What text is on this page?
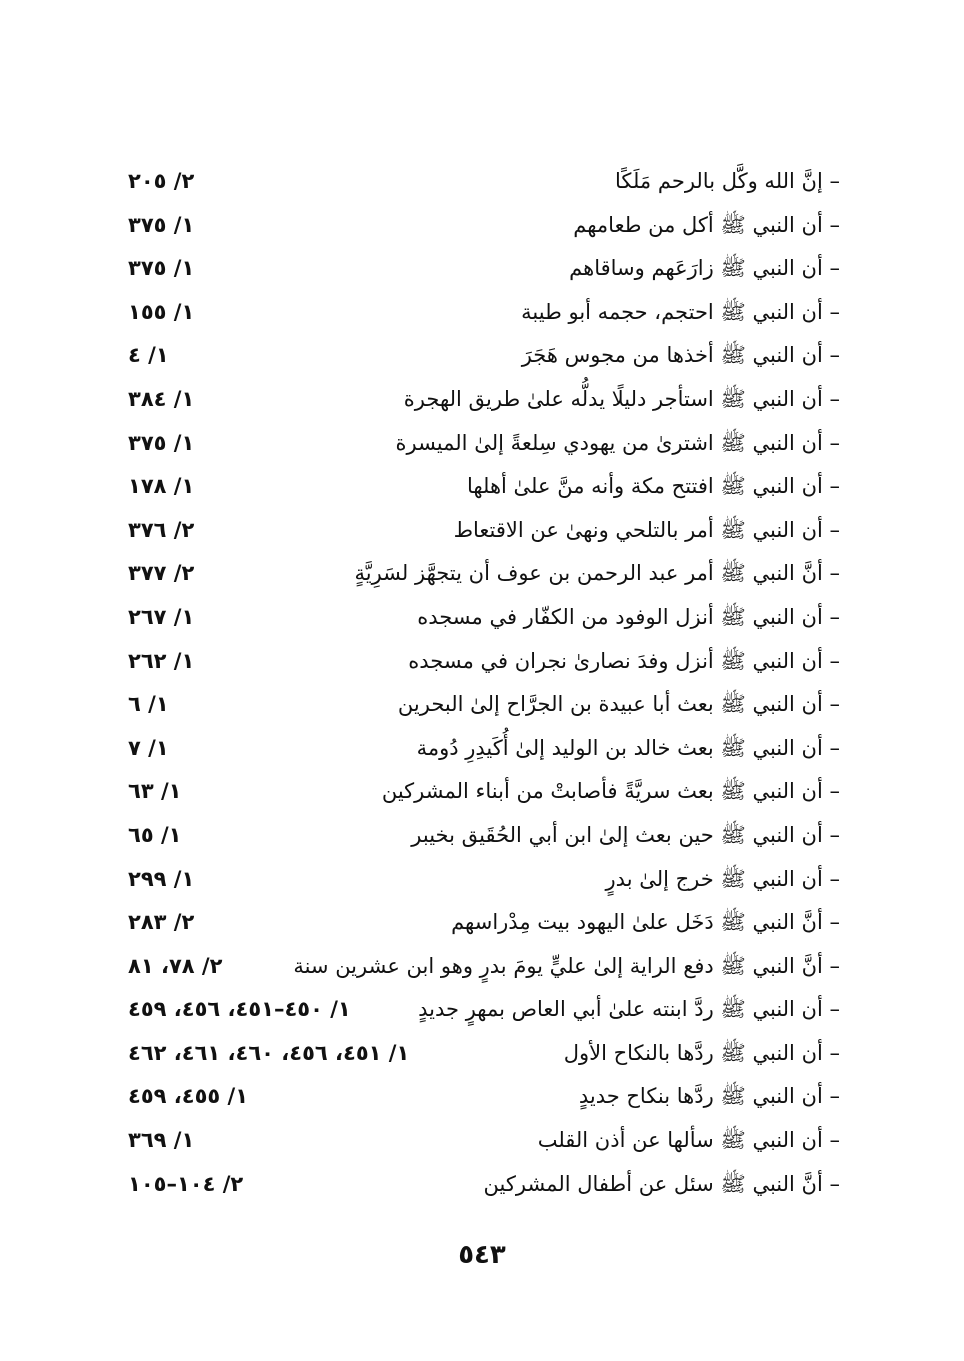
– إنَّ الله وكَّل بالرحم مَلَكًا
٢/ ٢٠٥
– أن النبي ﷺ أكل من طعامهم
١/ ٣٧٥
– أن النبي ﷺ زارَعَهم وساقاهم
١/ ٣٧٥
– أن النبي ﷺ احتجم، حجمه أبو طيبة
١/ ١٥٥
– أن النبي ﷺ أخذها من مجوس هَجَرَ
١/ ٤
– أن النبي ﷺ استأجر دليلًا يدلُّه علىٰ طريق الهجرة
١/ ٣٨٤
– أن النبي ﷺ اشترىٰ من يهودي سِلعةً إلىٰ الميسرة
١/ ٣٧٥
– أن النبي ﷺ افتتح مكة وأنه منَّ علىٰ أهلها
١/ ١٧٨
– أن النبي ﷺ أمر بالتلحي ونهىٰ عن الاقتعاط
٢/ ٣٧٦
– أنَّ النبي ﷺ أمر عبد الرحمن بن عوف أن يتجهَّز لسَرِيَّةٍ
٢/ ٣٧٧
– أن النبي ﷺ أنزل الوفود من الكفّار في مسجده
١/ ٢٦٧
– أن النبي ﷺ أنزل وفدَ نصارىٰ نجران في مسجده
١/ ٢٦٢
– أن النبي ﷺ بعث أبا عبيدة بن الجرَّاح إلىٰ البحرين
١/ ٦
– أن النبي ﷺ بعث خالد بن الوليد إلىٰ أُكَيدِرِ دُومة
١/ ٧
– أن النبي ﷺ بعث سريَّةً فأصابتْ من أبناء المشركين
١/ ٦٣
– أن النبي ﷺ حين بعث إلىٰ ابن أبي الحُقَيق بخيبر
١/ ٦٥
– أن النبي ﷺ خرج إلىٰ بدرٍ
١/ ٢٩٩
– أنَّ النبي ﷺ دَخَل علىٰ اليهود بيت مِدْراسهم
٢/ ٢٨٣
– أنَّ النبي ﷺ دفع الراية إلىٰ عليٍّ يومَ بدرٍ وهو ابن عشرين سنة
٢/ ٧٨، ٨١
– أن النبي ﷺ ردَّ ابنته علىٰ أبي العاص بمهرٍ جديدٍ
١/ ٤٥٠–٤٥١، ٤٥٦، ٤٥٩
– أن النبي ﷺ ردَّها بالنكاح الأول
١/ ٤٥١، ٤٥٦، ٤٦٠، ٤٦١، ٤٦٢
– أن النبي ﷺ ردَّها بنكاح جديدٍ
١/ ٤٥٥، ٤٥٩
– أن النبي ﷺ سألها عن أذن القلب
١/ ٣٦٩
– أنَّ النبي ﷺ سئل عن أطفال المشركين
٢/ ١٠٤–١٠٥
٥٤٣
